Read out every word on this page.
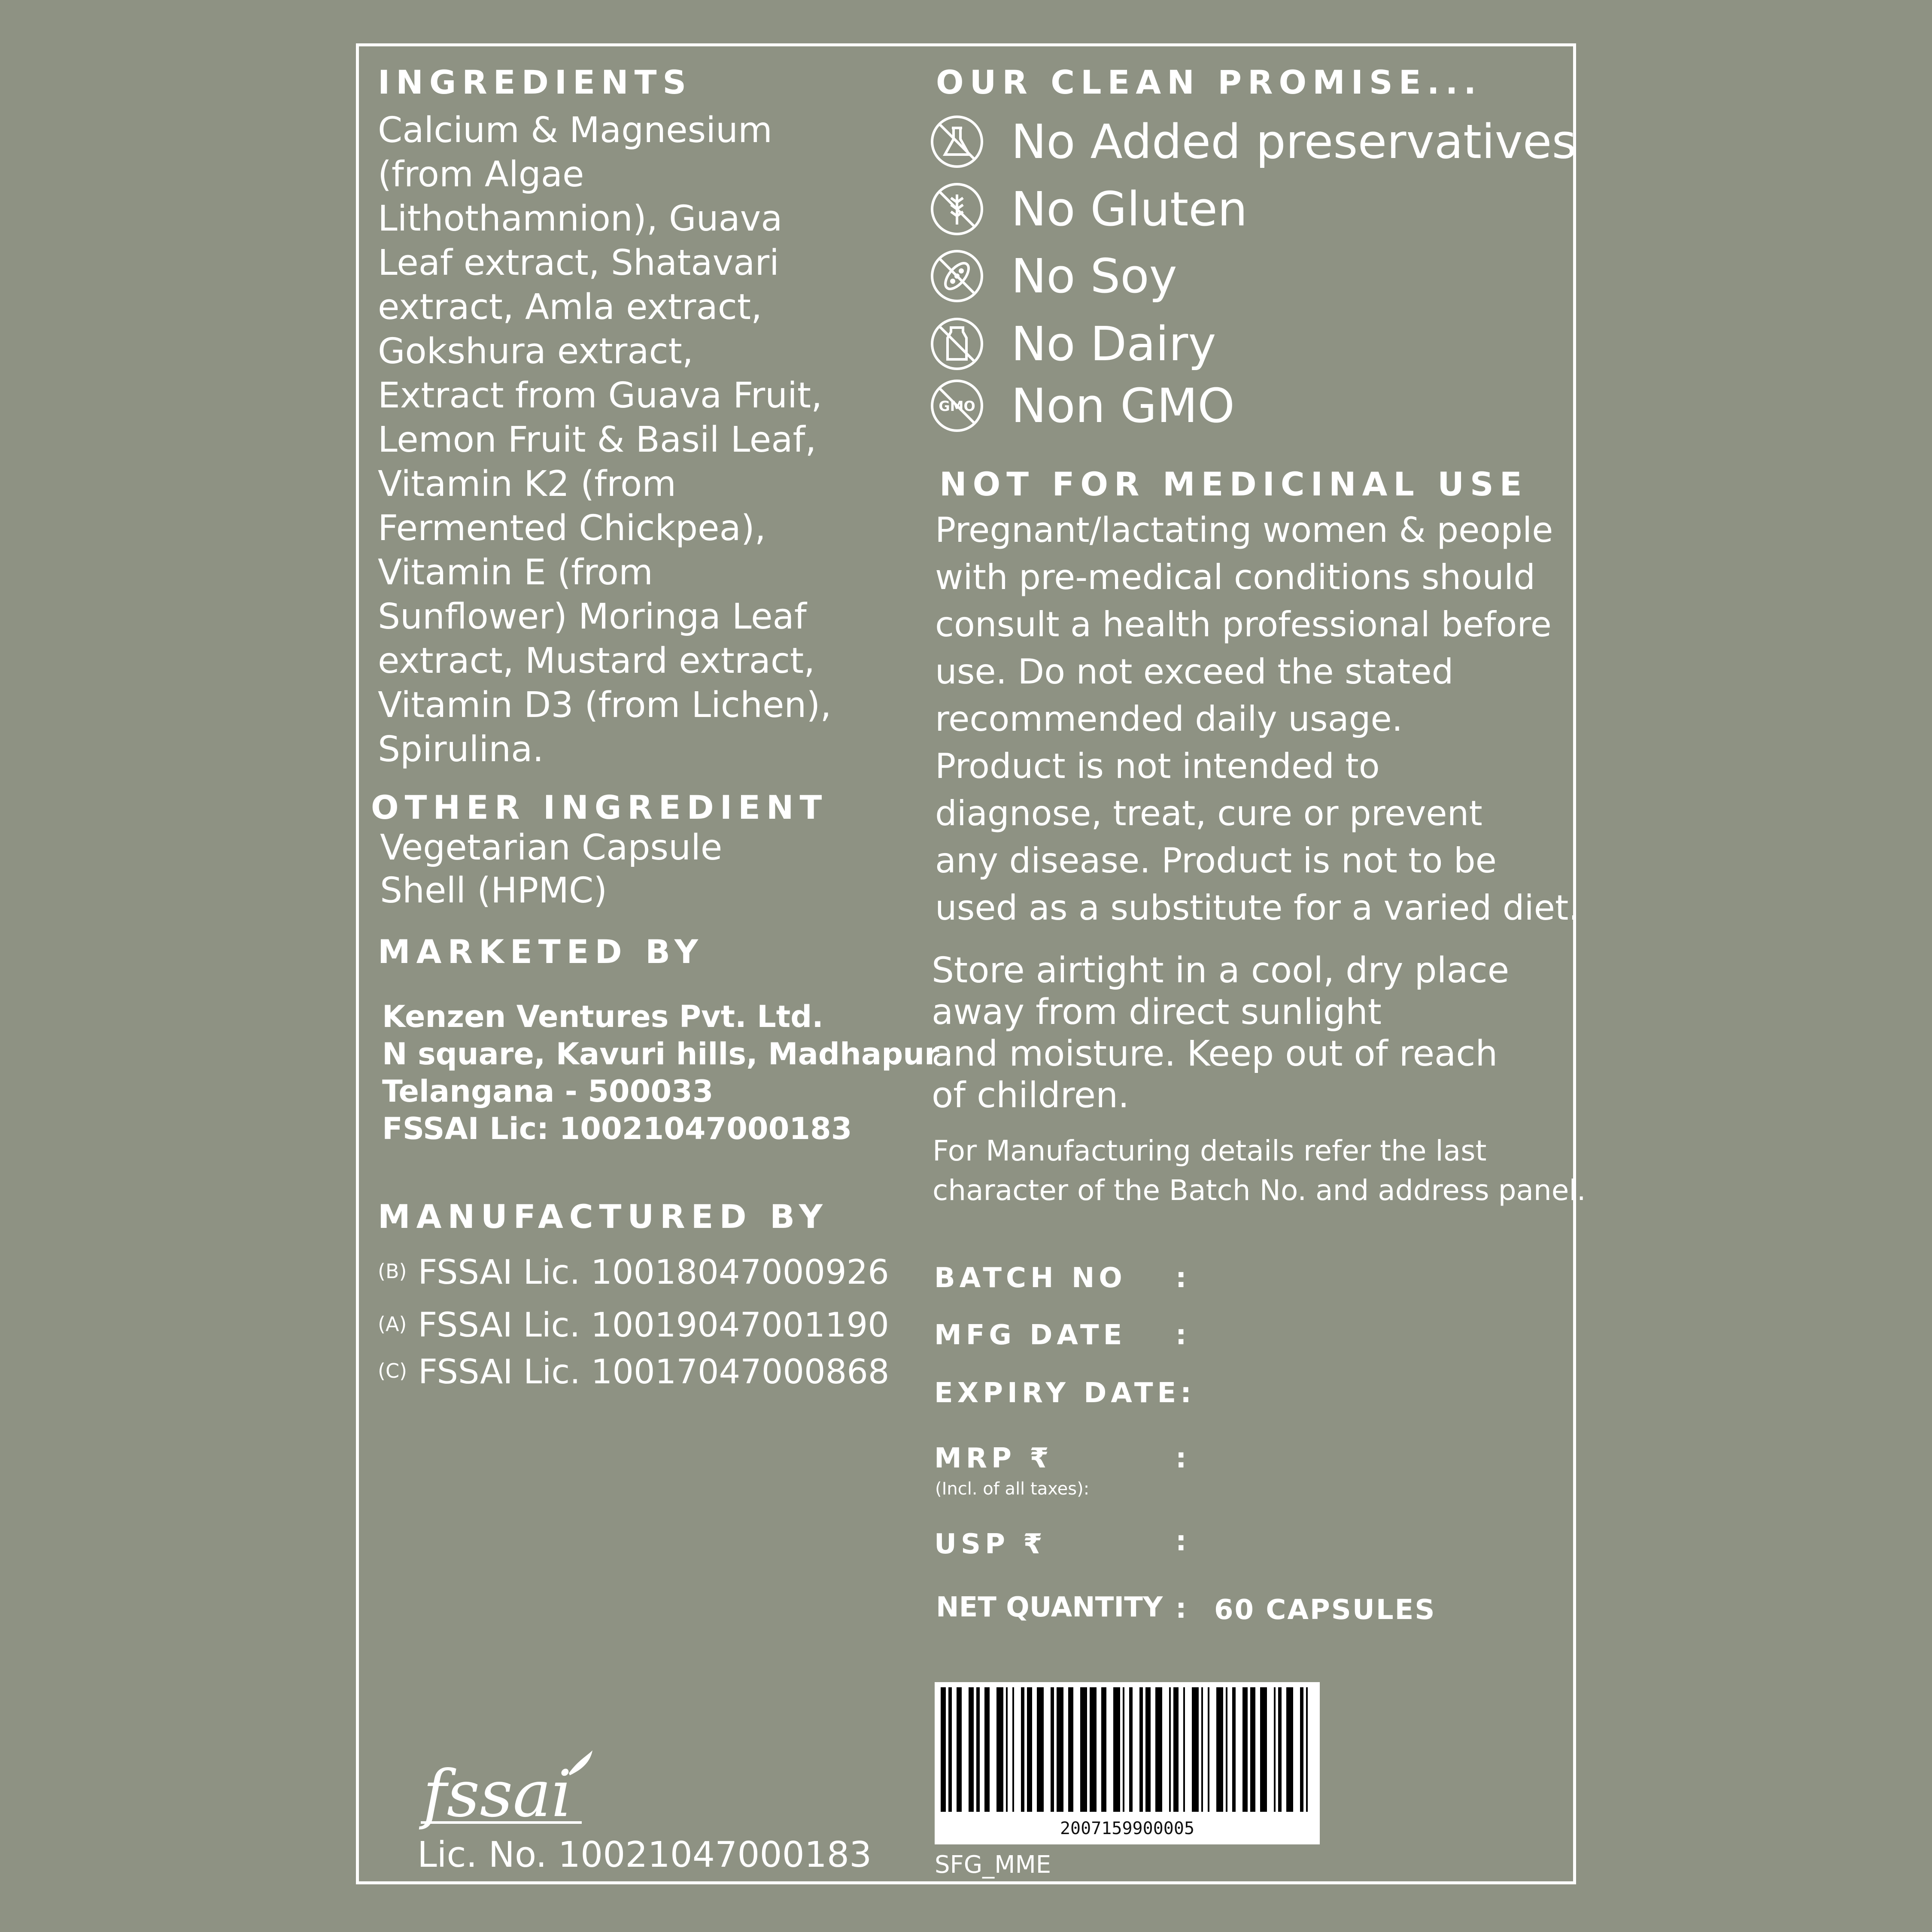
INGREDIENTS
Calcium & Magnesium
(from Algae
Lithothamnion), Guava
Leaf extract, Shatavari
extract, Amla extract,
Gokshura extract,
Extract from Guava Fruit,
Lemon Fruit & Basil Leaf,
Vitamin K2 (from
Fermented Chickpea),
Vitamin E (from
Sunflower) Moringa Leaf
extract, Mustard extract,
Vitamin D3 (from Lichen),
Spirulina.
OTHER INGREDIENT
Vegetarian Capsule
Shell (HPMC)
MARKETED BY
Kenzen Ventures Pvt. Ltd.
N square, Kavuri hills, Madhapur
Telangana - 500033
FSSAI Lic: 10021047000183
MANUFACTURED BY
(B) FSSAI Lic. 10018047000926
(A) FSSAI Lic. 10019047001190
(C) FSSAI Lic. 10017047000868
fssai
Lic. No. 10021047000183
OUR CLEAN PROMISE...
No Added preservatives
No Gluten
No Soy
No Dairy
GMO Non GMO
NOT FOR MEDICINAL USE
Pregnant/lactating women & people
with pre-medical conditions should
consult a health professional before
use. Do not exceed the stated
recommended daily usage.
Product is not intended to
diagnose, treat, cure or prevent
any disease. Product is not to be
used as a substitute for a varied diet.
Store airtight in a cool, dry place
away from direct sunlight
and moisture. Keep out of reach
of children.
For Manufacturing details refer the last
character of the Batch No. and address panel.
BATCH NO :
MFG DATE :
EXPIRY DATE:
MRP ₹	:
(Incl. of all taxes):
USP ₹	:
NET QUANTITY : 60 CAPSULES
2007159900005
SFG_MME
